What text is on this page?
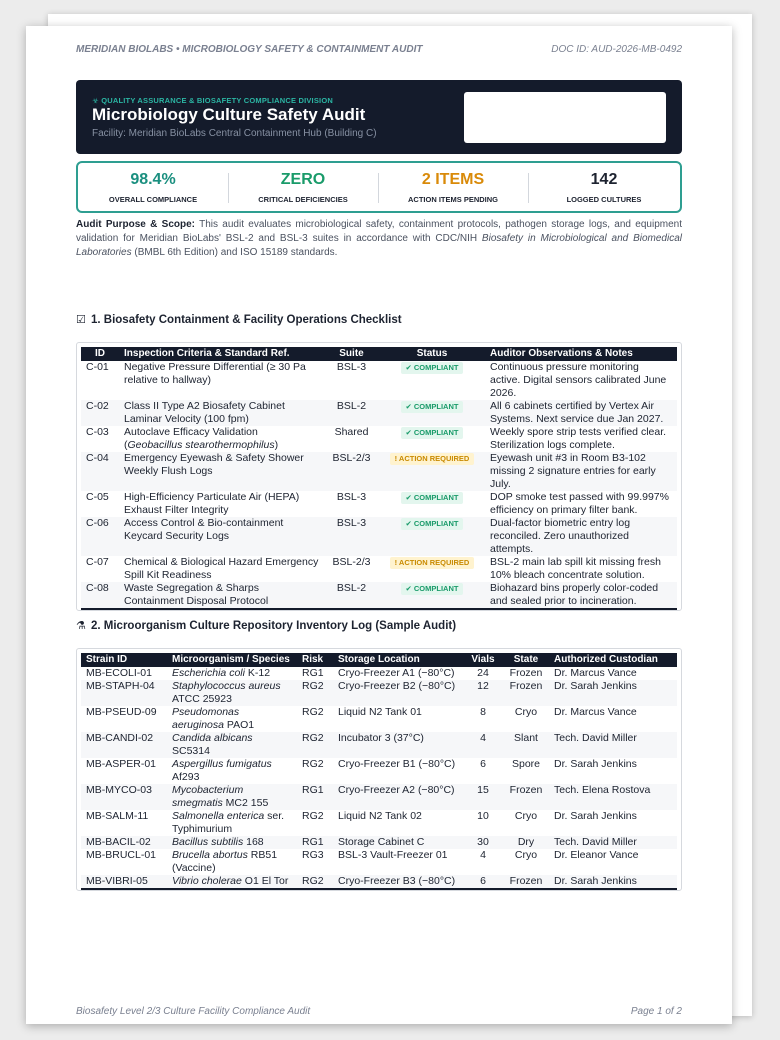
MERIDIAN BIOLABS • MICROBIOLOGY SAFETY & CONTAINMENT AUDIT	DOC ID: AUD-2026-MB-0492
☣ QUALITY ASSURANCE & BIOSAFETY COMPLIANCE DIVISION
Microbiology Culture Safety Audit
Facility: Meridian BioLabs Central Containment Hub (Building C)
98.4%
OVERALL COMPLIANCE
ZERO
CRITICAL DEFICIENCIES
2 ITEMS
ACTION ITEMS PENDING
142
LOGGED CULTURES
Audit Purpose & Scope: This audit evaluates microbiological safety, containment protocols, pathogen storage logs, and equipment validation for Meridian BioLabs' BSL-2 and BSL-3 suites in accordance with CDC/NIH Biosafety in Microbiological and Biomedical Laboratories (BMBL 6th Edition) and ISO 15189 standards.
☑ 1. Biosafety Containment & Facility Operations Checklist
ID	Inspection Criteria & Standard Ref.	Suite	Status	Auditor Observations & Notes
C-01	Negative Pressure Differential (≥ 30 Pa relative to hallway)	BSL-3	✔ COMPLIANT	Continuous pressure monitoring active. Digital sensors calibrated June 2026.
C-02	Class II Type A2 Biosafety Cabinet Laminar Velocity (100 fpm)	BSL-2	✔ COMPLIANT	All 6 cabinets certified by Vertex Air Systems. Next service due Jan 2027.
C-03	Autoclave Efficacy Validation (Geobacillus stearothermophilus)	Shared	✔ COMPLIANT	Weekly spore strip tests verified clear. Sterilization logs complete.
C-04	Emergency Eyewash & Safety Shower Weekly Flush Logs	BSL-2/3	! ACTION REQUIRED	Eyewash unit #3 in Room B3-102 missing 2 signature entries for early July.
C-05	High-Efficiency Particulate Air (HEPA) Exhaust Filter Integrity	BSL-3	✔ COMPLIANT	DOP smoke test passed with 99.997% efficiency on primary filter bank.
C-06	Access Control & Bio-containment Keycard Security Logs	BSL-3	✔ COMPLIANT	Dual-factor biometric entry log reconciled. Zero unauthorized attempts.
C-07	Chemical & Biological Hazard Emergency Spill Kit Readiness	BSL-2/3	! ACTION REQUIRED	BSL-2 main lab spill kit missing fresh 10% bleach concentrate solution.
C-08	Waste Segregation & Sharps Containment Disposal Protocol	BSL-2	✔ COMPLIANT	Biohazard bins properly color-coded and sealed prior to incineration.
⚗ 2. Microorganism Culture Repository Inventory Log (Sample Audit)
Strain ID	Microorganism / Species	Risk	Storage Location	Vials	State	Authorized Custodian
MB-ECOLI-01	Escherichia coli K-12	RG1	Cryo-Freezer A1 (−80°C)	24	Frozen	Dr. Marcus Vance
MB-STAPH-04	Staphylococcus aureus ATCC 25923	RG2	Cryo-Freezer B2 (−80°C)	12	Frozen	Dr. Sarah Jenkins
MB-PSEUD-09	Pseudomonas aeruginosa PAO1	RG2	Liquid N2 Tank 01	8	Cryo	Dr. Marcus Vance
MB-CANDI-02	Candida albicans SC5314	RG2	Incubator 3 (37°C)	4	Slant	Tech. David Miller
MB-ASPER-01	Aspergillus fumigatus Af293	RG2	Cryo-Freezer B1 (−80°C)	6	Spore	Dr. Sarah Jenkins
MB-MYCO-03	Mycobacterium smegmatis MC2 155	RG1	Cryo-Freezer A2 (−80°C)	15	Frozen	Tech. Elena Rostova
MB-SALM-11	Salmonella enterica ser. Typhimurium	RG2	Liquid N2 Tank 02	10	Cryo	Dr. Sarah Jenkins
MB-BACIL-02	Bacillus subtilis 168	RG1	Storage Cabinet C	30	Dry	Tech. David Miller
MB-BRUCL-01	Brucella abortus RB51 (Vaccine)	RG3	BSL-3 Vault-Freezer 01	4	Cryo	Dr. Eleanor Vance
MB-VIBRI-05	Vibrio cholerae O1 El Tor	RG2	Cryo-Freezer B3 (−80°C)	6	Frozen	Dr. Sarah Jenkins
Biosafety Level 2/3 Culture Facility Compliance Audit	Page 1 of 2
